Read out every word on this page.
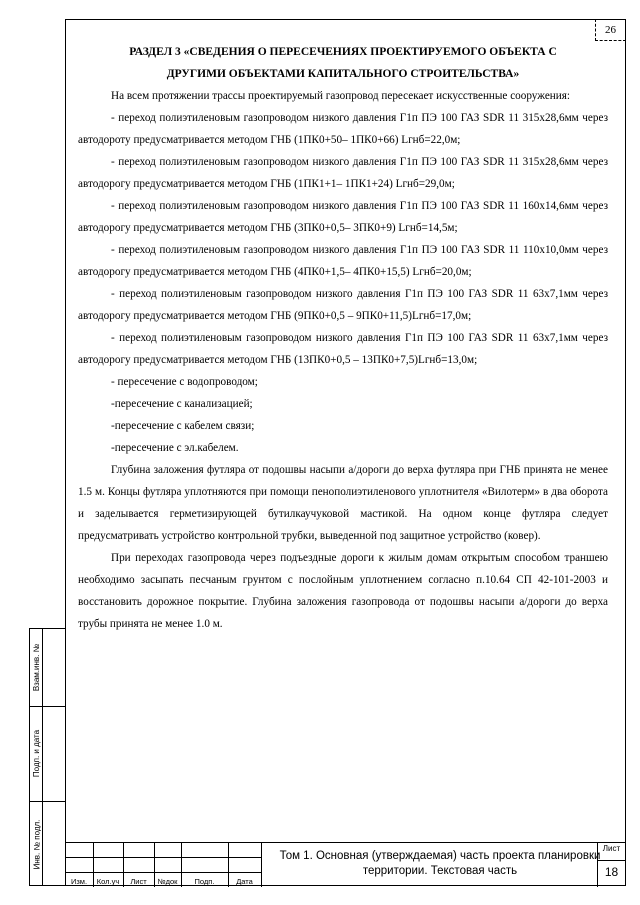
26
Взам.инв. №
Подп. и дата
Инв. № подл.
РАЗДЕЛ 3 «СВЕДЕНИЯ О ПЕРЕСЕЧЕНИЯХ ПРОЕКТИРУЕМОГО ОБЪЕКТА С
ДРУГИМИ ОБЪЕКТАМИ КАПИТАЛЬНОГО СТРОИТЕЛЬСТВА»

На всем протяжении трассы проектируемый газопровод пересекает искусственные сооружения:

- переход полиэтиленовым газопроводом низкого давления Г1п ПЭ 100 ГАЗ SDR 11 315х28,6мм через автодороту предусматривается методом ГНБ (1ПК0+50– 1ПК0+66) Lгнб=22,0м;

- переход полиэтиленовым газопроводом низкого давления Г1п ПЭ 100 ГАЗ SDR 11 315х28,6мм через автодорогу предусматривается методом ГНБ (1ПК1+1– 1ПК1+24) Lгнб=29,0м;

- переход полиэтиленовым газопроводом низкого давления Г1п ПЭ 100 ГАЗ SDR 11 160х14,6мм через автодорогу предусматривается методом ГНБ (3ПК0+0,5– 3ПК0+9) Lгнб=14,5м;

- переход полиэтиленовым газопроводом низкого давления Г1п ПЭ 100 ГАЗ SDR 11 110х10,0мм через автодорогу предусматривается методом ГНБ (4ПК0+1,5– 4ПК0+15,5) Lгнб=20,0м;

- переход полиэтиленовым газопроводом низкого давления Г1п ПЭ 100 ГАЗ SDR 11 63х7,1мм через автодорогу предусматривается методом ГНБ (9ПК0+0,5 – 9ПК0+11,5)Lгнб=17,0м;

- переход полиэтиленовым газопроводом низкого давления Г1п ПЭ 100 ГАЗ SDR 11 63х7,1мм через автодорогу предусматривается методом ГНБ (13ПК0+0,5 – 13ПК0+7,5)Lгнб=13,0м;

- пересечение с водопроводом;

-пересечение с канализацией;

-пересечение с кабелем связи;

-пересечение с эл.кабелем.

Глубина заложения футляра от подошвы насыпи а/дороги до верха футляра при ГНБ принята не менее 1.5 м. Концы футляра уплотняются при помощи пенополиэтиленового уплотнителя «Вилотерм» в два оборота и заделывается герметизирующей бутилкаучуковой мастикой. На одном конце футляра следует предусматривать устройство контрольной трубки, выведенной под защитное устройство (ковер).

При переходах газопровода через подъездные дороги к жилым домам открытым способом траншею необходимо засыпать песчаным грунтом с послойным уплотнением согласно п.10.64 СП 42-101-2003 и восстановить дорожное покрытие. Глубина заложения газопровода от подошвы насыпи а/дороги до верха трубы принята не менее 1.0 м.

Изм.	Кол.уч	Лист	№док	Подп.	Дата
Том 1. Основная (утверждаемая) часть проекта планировки территории. Текстовая часть
Лист
18
